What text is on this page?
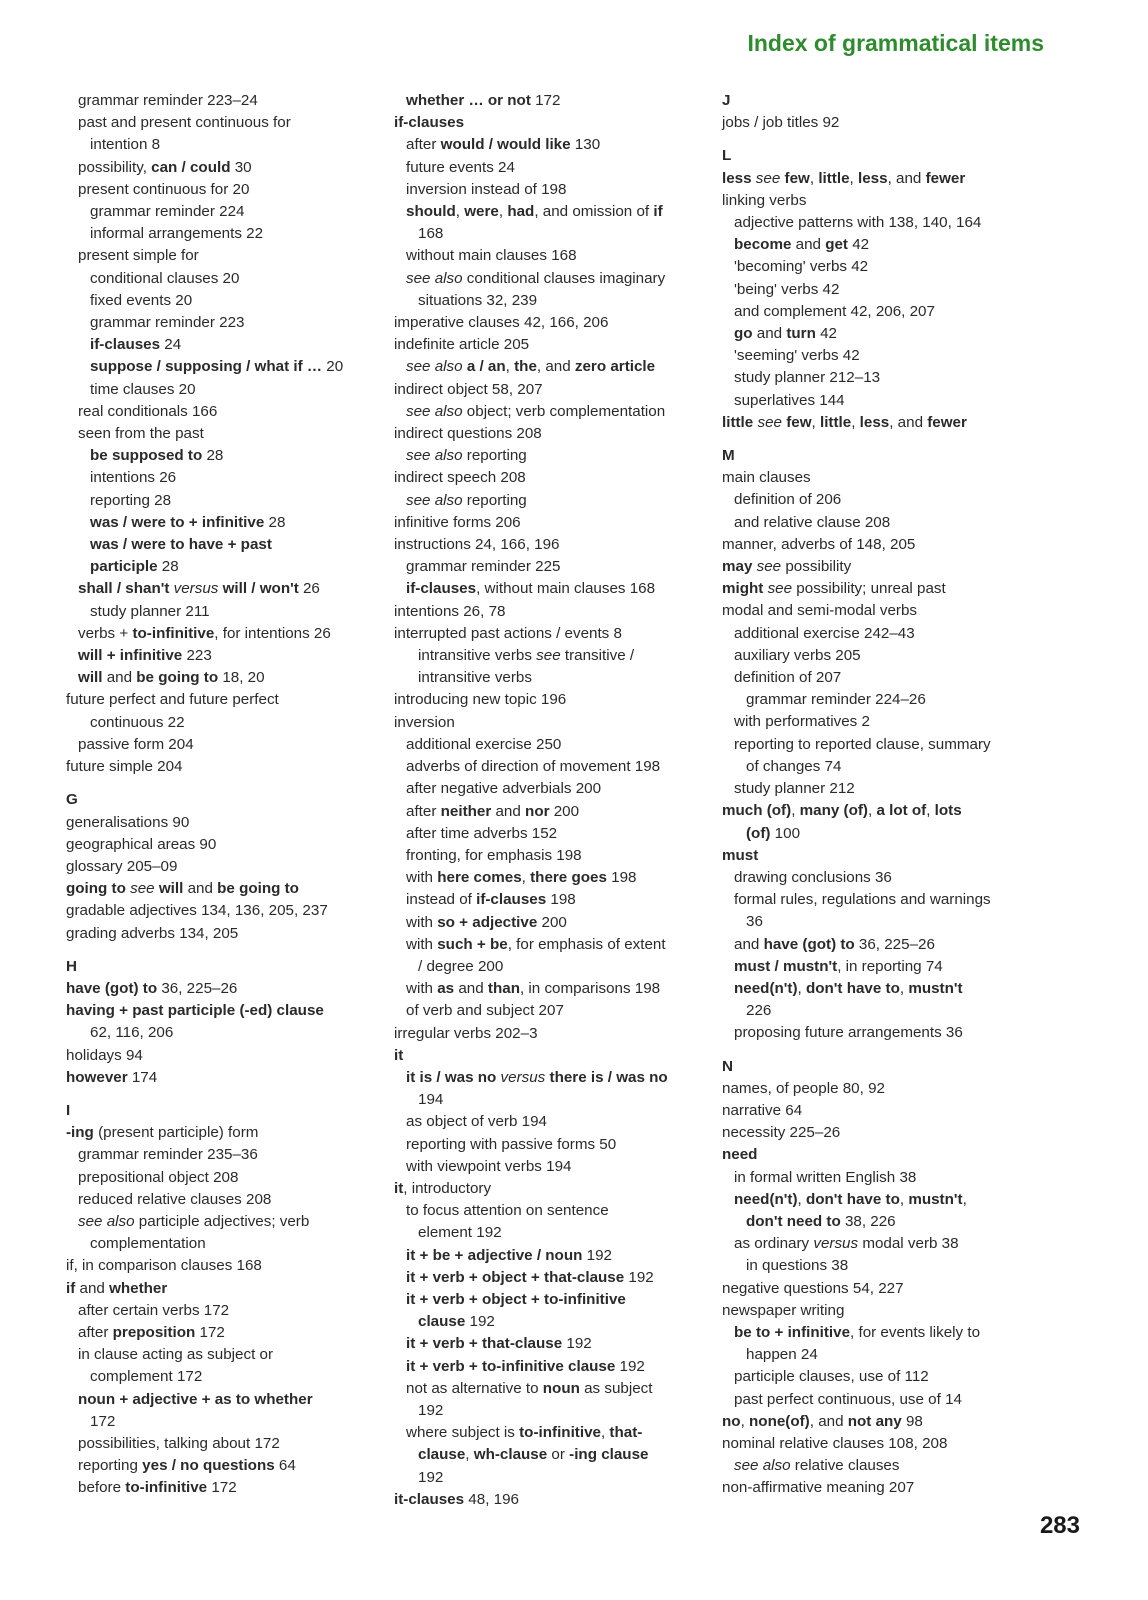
Index of grammatical items
grammar reminder 223–24
past and present continuous for
intention 8
possibility, can / could 30
present continuous for 20
grammar reminder 224
informal arrangements 22
present simple for
conditional clauses 20
fixed events 20
grammar reminder 223
if-clauses 24
suppose / supposing / what if … 20
time clauses 20
real conditionals 166
seen from the past
be supposed to 28
intentions 26
reporting 28
was / were to + infinitive 28
was / were to have + past
participle 28
shall / shan't versus will / won't 26
study planner 211
verbs + to-infinitive, for intentions 26
will + infinitive 223
will and be going to 18, 20
future perfect and future perfect
continuous 22
passive form 204
future simple 204
G
generalisations 90
geographical areas 90
glossary 205–09
going to see will and be going to
gradable adjectives 134, 136, 205, 237
grading adverbs 134, 205
H
have (got) to 36, 225–26
having + past participle (-ed) clause
62, 116, 206
holidays 94
however 174
I
-ing (present participle) form
grammar reminder 235–36
prepositional object 208
reduced relative clauses 208
see also participle adjectives; verb
complementation
if, in comparison clauses 168
if and whether
after certain verbs 172
after preposition 172
in clause acting as subject or
complement 172
noun + adjective + as to whether
172
possibilities, talking about 172
reporting yes / no questions 64
before to-infinitive 172
whether … or not 172
if-clauses
after would / would like 130
future events 24
inversion instead of 198
should, were, had, and omission of if
168
without main clauses 168
see also conditional clauses imaginary
situations 32, 239
imperative clauses 42, 166, 206
indefinite article 205
see also a / an, the, and zero article
indirect object 58, 207
see also object; verb complementation
indirect questions 208
see also reporting
indirect speech 208
see also reporting
infinitive forms 206
instructions 24, 166, 196
grammar reminder 225
if-clauses, without main clauses 168
intentions 26, 78
interrupted past actions / events 8
intransitive verbs see transitive /
intransitive verbs
introducing new topic 196
inversion
additional exercise 250
adverbs of direction of movement 198
after negative adverbials 200
after neither and nor 200
after time adverbs 152
fronting, for emphasis 198
with here comes, there goes 198
instead of if-clauses 198
with so + adjective 200
with such + be, for emphasis of extent
/ degree 200
with as and than, in comparisons 198
of verb and subject 207
irregular verbs 202–3
it
it is / was no versus there is / was no
194
as object of verb 194
reporting with passive forms 50
with viewpoint verbs 194
it, introductory
to focus attention on sentence
element 192
it + be + adjective / noun 192
it + verb + object + that-clause 192
it + verb + object + to-infinitive
clause 192
it + verb + that-clause 192
it + verb + to-infinitive clause 192
not as alternative to noun as subject
192
where subject is to-infinitive, that-
clause, wh-clause or -ing clause
192
it-clauses 48, 196
J
jobs / job titles 92
L
less see few, little, less, and fewer
linking verbs
adjective patterns with 138, 140, 164
become and get 42
'becoming' verbs 42
'being' verbs 42
and complement 42, 206, 207
go and turn 42
'seeming' verbs 42
study planner 212–13
superlatives 144
little see few, little, less, and fewer
M
main clauses
definition of 206
and relative clause 208
manner, adverbs of 148, 205
may see possibility
might see possibility; unreal past
modal and semi-modal verbs
additional exercise 242–43
auxiliary verbs 205
definition of 207
grammar reminder 224–26
with performatives 2
reporting to reported clause, summary
of changes 74
study planner 212
much (of), many (of), a lot of, lots
(of) 100
must
drawing conclusions 36
formal rules, regulations and warnings
36
and have (got) to 36, 225–26
must / mustn't, in reporting 74
need(n't), don't have to, mustn't
226
proposing future arrangements 36
N
names, of people 80, 92
narrative 64
necessity 225–26
need
in formal written English 38
need(n't), don't have to, mustn't,
don't need to 38, 226
as ordinary versus modal verb 38
in questions 38
negative questions 54, 227
newspaper writing
be to + infinitive, for events likely to
happen 24
participle clauses, use of 112
past perfect continuous, use of 14
no, none(of), and not any 98
nominal relative clauses 108, 208
see also relative clauses
non-affirmative meaning 207
283
